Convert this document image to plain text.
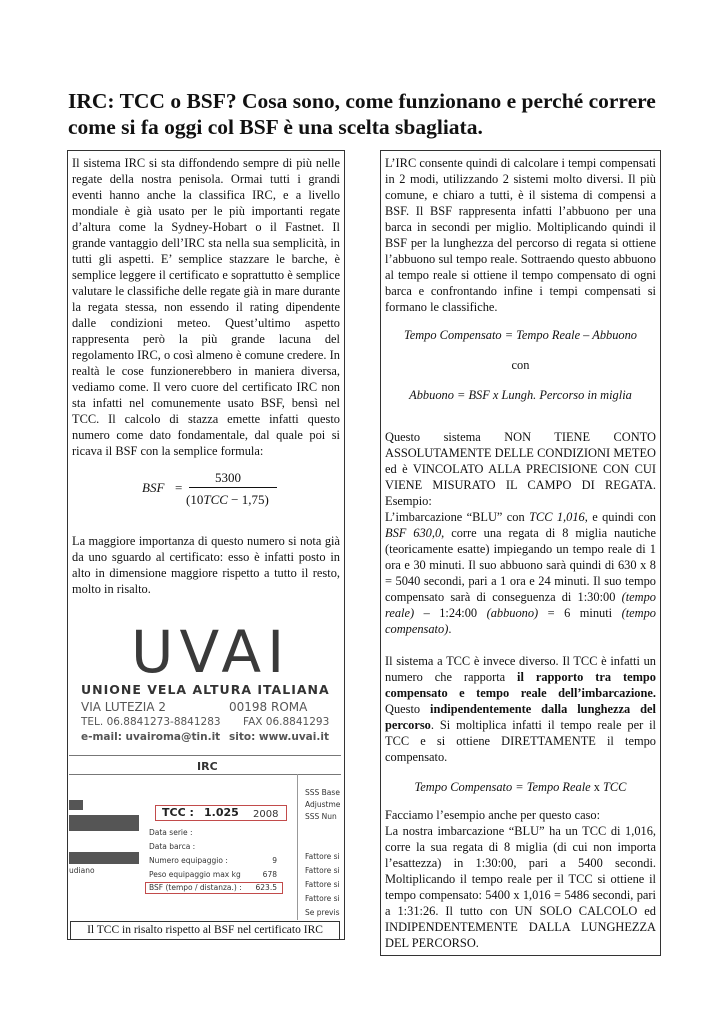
IRC: TCC o BSF? Cosa sono, come funzionano e perché correre come si fa oggi col BSF è una scelta sbagliata.

Il sistema IRC si sta diffondendo sempre di più nelle regate della nostra penisola. Ormai tutti i grandi eventi hanno anche la classifica IRC, e a livello mondiale è già usato per le più importanti regate d’altura come la Sydney-Hobart o il Fastnet. Il grande vantaggio dell’IRC sta nella sua semplicità, in tutti gli aspetti. E’ semplice stazzare le barche, è semplice leggere il certificato e soprattutto è semplice valutare le classifiche delle regate già in mare durante la regata stessa, non essendo il rating dipendente dalle condizioni meteo. Quest’ultimo aspetto rappresenta però la più grande lacuna del regolamento IRC, o così almeno è comune credere. In realtà le cose funzionerebbero in maniera diversa, vediamo come. Il vero cuore del certificato IRC non sta infatti nel comunemente usato BSF, bensì nel TCC. Il calcolo di stazza emette infatti questo numero come dato fondamentale, dal quale poi si ricava il BSF con la semplice formula:

BSF =
5300
(10TCC − 1,75)

La maggiore importanza di questo numero si nota già da uno sguardo al certificato: esso è infatti posto in alto in dimensione maggiore rispetto a tutto il resto, molto in risalto.

UVAI
UNIONE VELA ALTURA ITALIANA
VIA LUTEZIA 2	00198 ROMA
TEL. 06.8841273-8841283 FAX 06.8841293
e-mail: uvairoma@tin.it sito: www.uvai.it
IRC
udiano
TCC : 1.025 2008
Data serie :
Data barca :
Numero equipaggio :
Peso equipaggio max kg
BSF (tempo / distanza.) :
9
678
623.5
SSS Base
Adjustme
SSS Nun
Fattore si
Fattore si
Fattore si
Fattore si
Se previs
Il TCC in risalto rispetto al BSF nel certificato IRC

L’IRC consente quindi di calcolare i tempi compensati in 2 modi, utilizzando 2 sistemi molto diversi. Il più comune, e chiaro a tutti, è il sistema di compensi a BSF. Il BSF rappresenta infatti l’abbuono per una barca in secondi per miglio. Moltiplicando quindi il BSF per la lunghezza del percorso di regata si ottiene l’abbuono sul tempo reale. Sottraendo questo abbuono al tempo reale si ottiene il tempo compensato di ogni barca e confrontando infine i tempi compensati si formano le classifiche.

Tempo Compensato = Tempo Reale – Abbuono

con

Abbuono = BSF x Lungh. Percorso in miglia

Questo sistema NON TIENE CONTO ASSOLUTAMENTE DELLE CONDIZIONI METEO ed è VINCOLATO ALLA PRECISIONE CON CUI VIENE MISURATO IL CAMPO DI REGATA. Esempio:

L’imbarcazione “BLU” con TCC 1,016, e quindi con BSF 630,0, corre una regata di 8 miglia nautiche (teoricamente esatte) impiegando un tempo reale di 1 ora e 30 minuti. Il suo abbuono sarà quindi di 630 x 8 = 5040 secondi, pari a 1 ora e 24 minuti. Il suo tempo compensato sarà di conseguenza di 1:30:00 (tempo reale) – 1:24:00 (abbuono) = 6 minuti (tempo compensato).

Il sistema a TCC è invece diverso. Il TCC è infatti un numero che rapporta il rapporto tra tempo compensato e tempo reale dell’imbarcazione. Questo indipendentemente dalla lunghezza del percorso. Si moltiplica infatti il tempo reale per il TCC e si ottiene DIRETTAMENTE il tempo compensato.

Tempo Compensato = Tempo Reale x TCC

Facciamo l’esempio anche per questo caso:

La nostra imbarcazione “BLU” ha un TCC di 1,016, corre la sua regata di 8 miglia (di cui non importa l’esattezza) in 1:30:00, pari a 5400 secondi. Moltiplicando il tempo reale per il TCC si ottiene il tempo compensato: 5400 x 1,016 = 5486 secondi, pari a 1:31:26. Il tutto con UN SOLO CALCOLO ed INDIPENDENTEMENTE DALLA LUNGHEZZA DEL PERCORSO.
